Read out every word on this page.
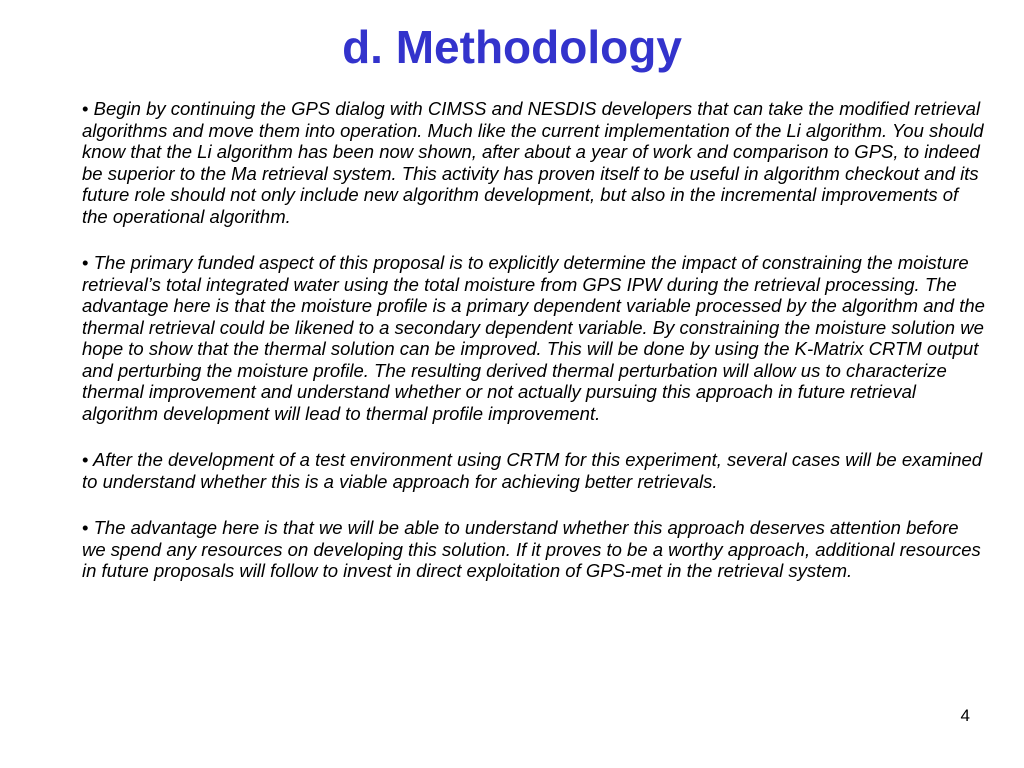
d. Methodology
• Begin by continuing the GPS dialog with CIMSS and NESDIS developers that can take the modified retrieval algorithms and move them into operation. Much like the current implementation of the Li algorithm. You should know that the Li algorithm has been now shown, after about a year of work and comparison to GPS, to indeed be superior to the Ma retrieval system. This activity has proven itself to be useful in algorithm checkout and its future role should not only include new algorithm development, but also in the incremental improvements of the operational algorithm.
• The primary funded aspect of this proposal is to explicitly determine the impact of constraining the moisture retrieval’s total integrated water using the total moisture from GPS IPW during the retrieval processing. The advantage here is that the moisture profile is a primary dependent variable processed by the algorithm and the thermal retrieval could be likened to a secondary dependent variable. By constraining the moisture solution we hope to show that the thermal solution can be improved. This will be done by using the K-Matrix CRTM output and perturbing the moisture profile. The resulting derived thermal perturbation will allow us to characterize thermal improvement and understand whether or not actually pursuing this approach in future retrieval algorithm development will lead to thermal profile improvement.
• After the development of a test environment using CRTM for this experiment, several cases will be examined to understand whether this is a viable approach for achieving better retrievals.
• The advantage here is that we will be able to understand whether this approach deserves attention before we spend any resources on developing this solution. If it proves to be a worthy approach, additional resources in future proposals will follow to invest in direct exploitation of GPS-met in the retrieval system.
4
